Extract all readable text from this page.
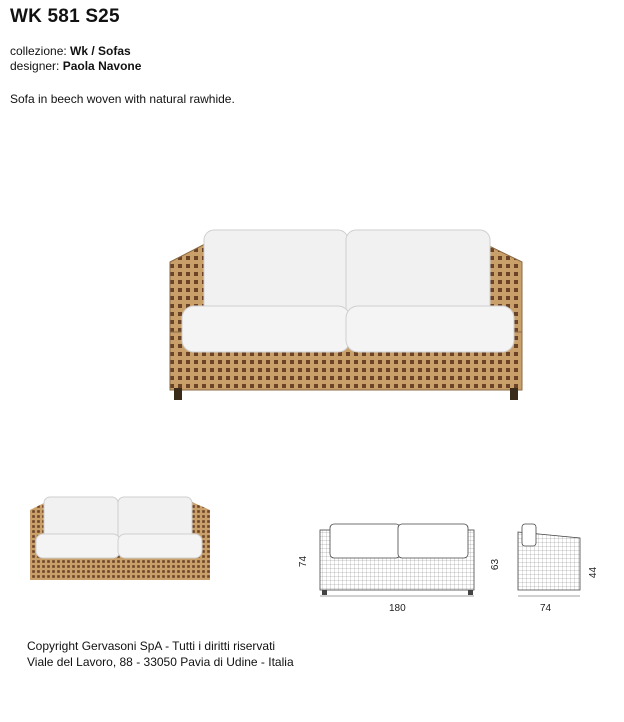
WK 581 S25
collezione: Wk / Sofas
designer: Paola Navone
Sofa in beech woven with natural rawhide.
74
180
63
44
74
Copyright Gervasoni SpA - Tutti i diritti riservati
Viale del Lavoro, 88 - 33050 Pavia di Udine - Italia
